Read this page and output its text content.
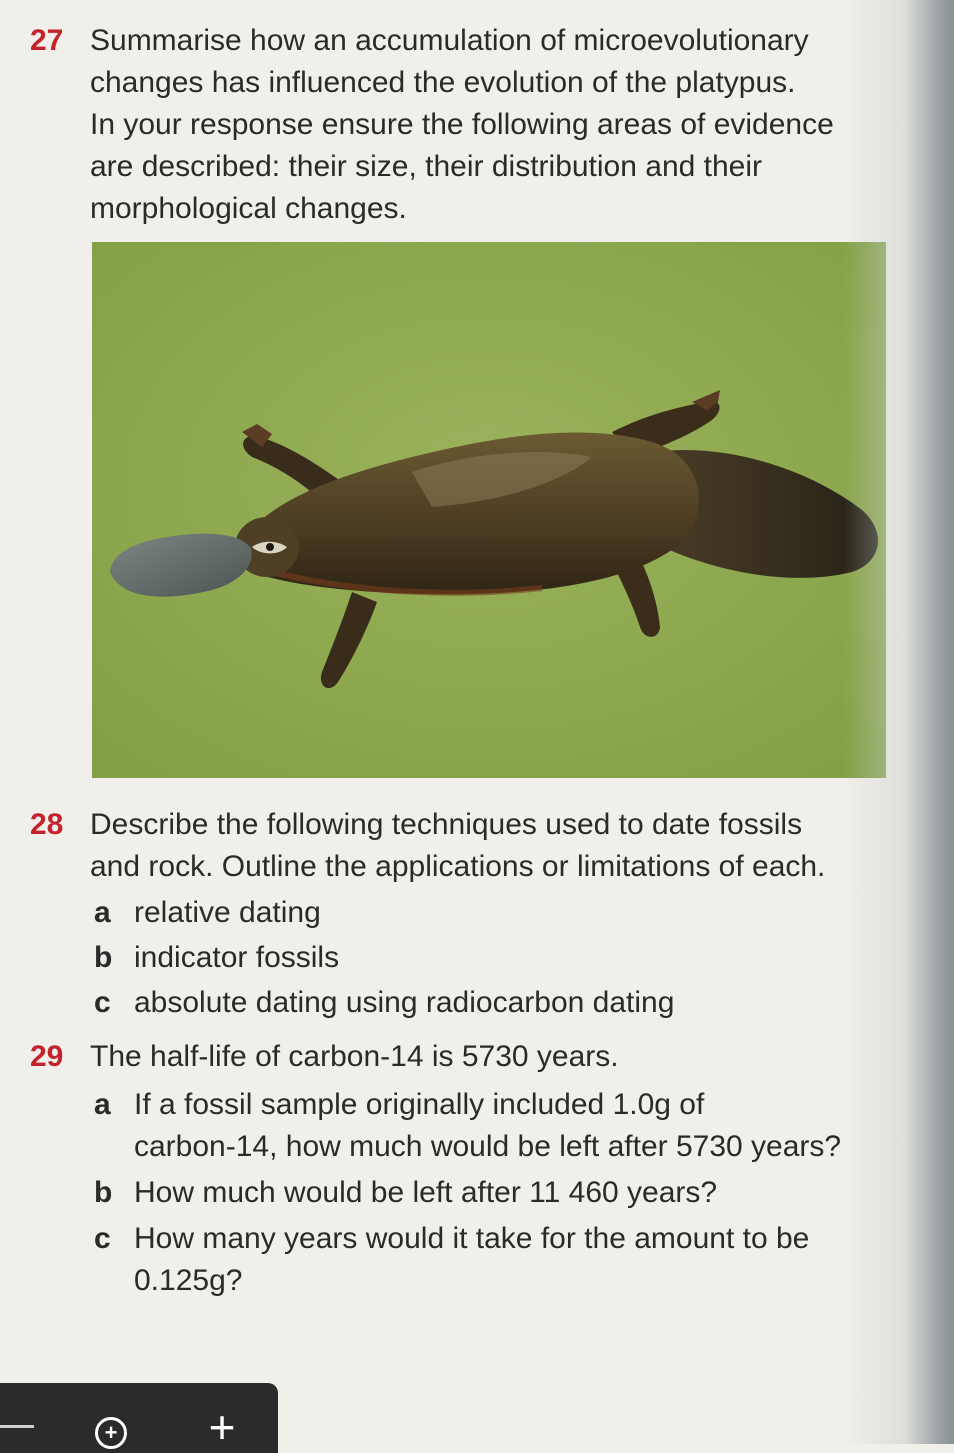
27 Summarise how an accumulation of microevolutionary
changes has influenced the evolution of the platypus.
In your response ensure the following areas of evidence
are described: their size, their distribution and their
morphological changes.
28 Describe the following techniques used to date fossils
and rock. Outline the applications or limitations of each.
a relative dating
b indicator fossils
c absolute dating using radiocarbon dating
29 The half-life of carbon-14 is 5730 years.
a If a fossil sample originally included 1.0g of
carbon-14, how much would be left after 5730 years?
b How much would be left after 11 460 years?
c How many years would it take for the amount to be
0.125g?
+ +
